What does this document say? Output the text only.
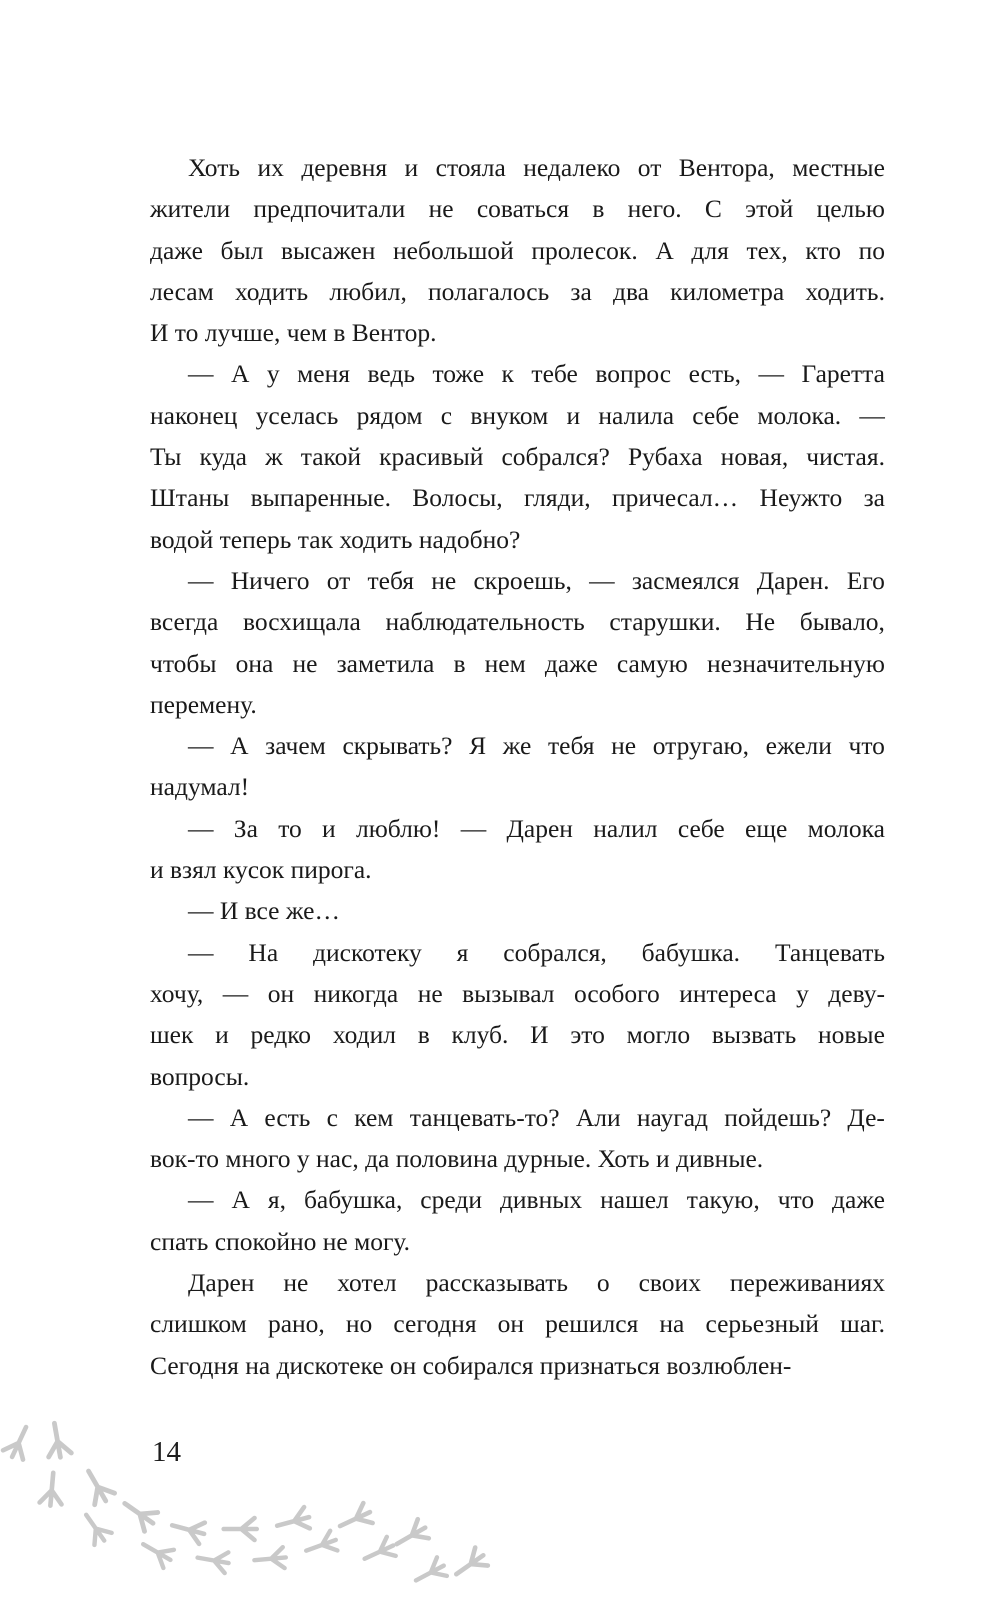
Хоть их деревня и стояла недалеко от Вентора, местные
жители предпочитали не соваться в него. С этой целью
даже был высажен небольшой пролесок. А для тех, кто по
лесам ходить любил, полагалось за два километра ходить.
И то лучше, чем в Вентор.
— А у меня ведь тоже к тебе вопрос есть, — Гаретта
наконец уселась рядом с внуком и налила себе молока. —
Ты куда ж такой красивый собрался? Рубаха новая, чистая.
Штаны выпаренные. Волосы, гляди, причесал… Неужто за
водой теперь так ходить надобно?
— Ничего от тебя не скроешь, — засмеялся Дарен. Его
всегда восхищала наблюдательность старушки. Не бывало,
чтобы она не заметила в нем даже самую незначительную
перемену.
— А зачем скрывать? Я же тебя не отругаю, ежели что
надумал!
— За то и люблю! — Дарен налил себе еще молока
и взял кусок пирога.
— И все же…
— На дискотеку я собрался, бабушка. Танцевать
хочу, — он никогда не вызывал особого интереса у деву-
шек и редко ходил в клуб. И это могло вызвать новые
вопросы.
— А есть с кем танцевать-то? Али наугад пойдешь? Де-
вок-то много у нас, да половина дурные. Хоть и дивные.
— А я, бабушка, среди дивных нашел такую, что даже
спать спокойно не могу.
Дарен не хотел рассказывать о своих переживаниях
слишком рано, но сегодня он решился на серьезный шаг.
Сегодня на дискотеке он собирался признаться возлюблен-
14
